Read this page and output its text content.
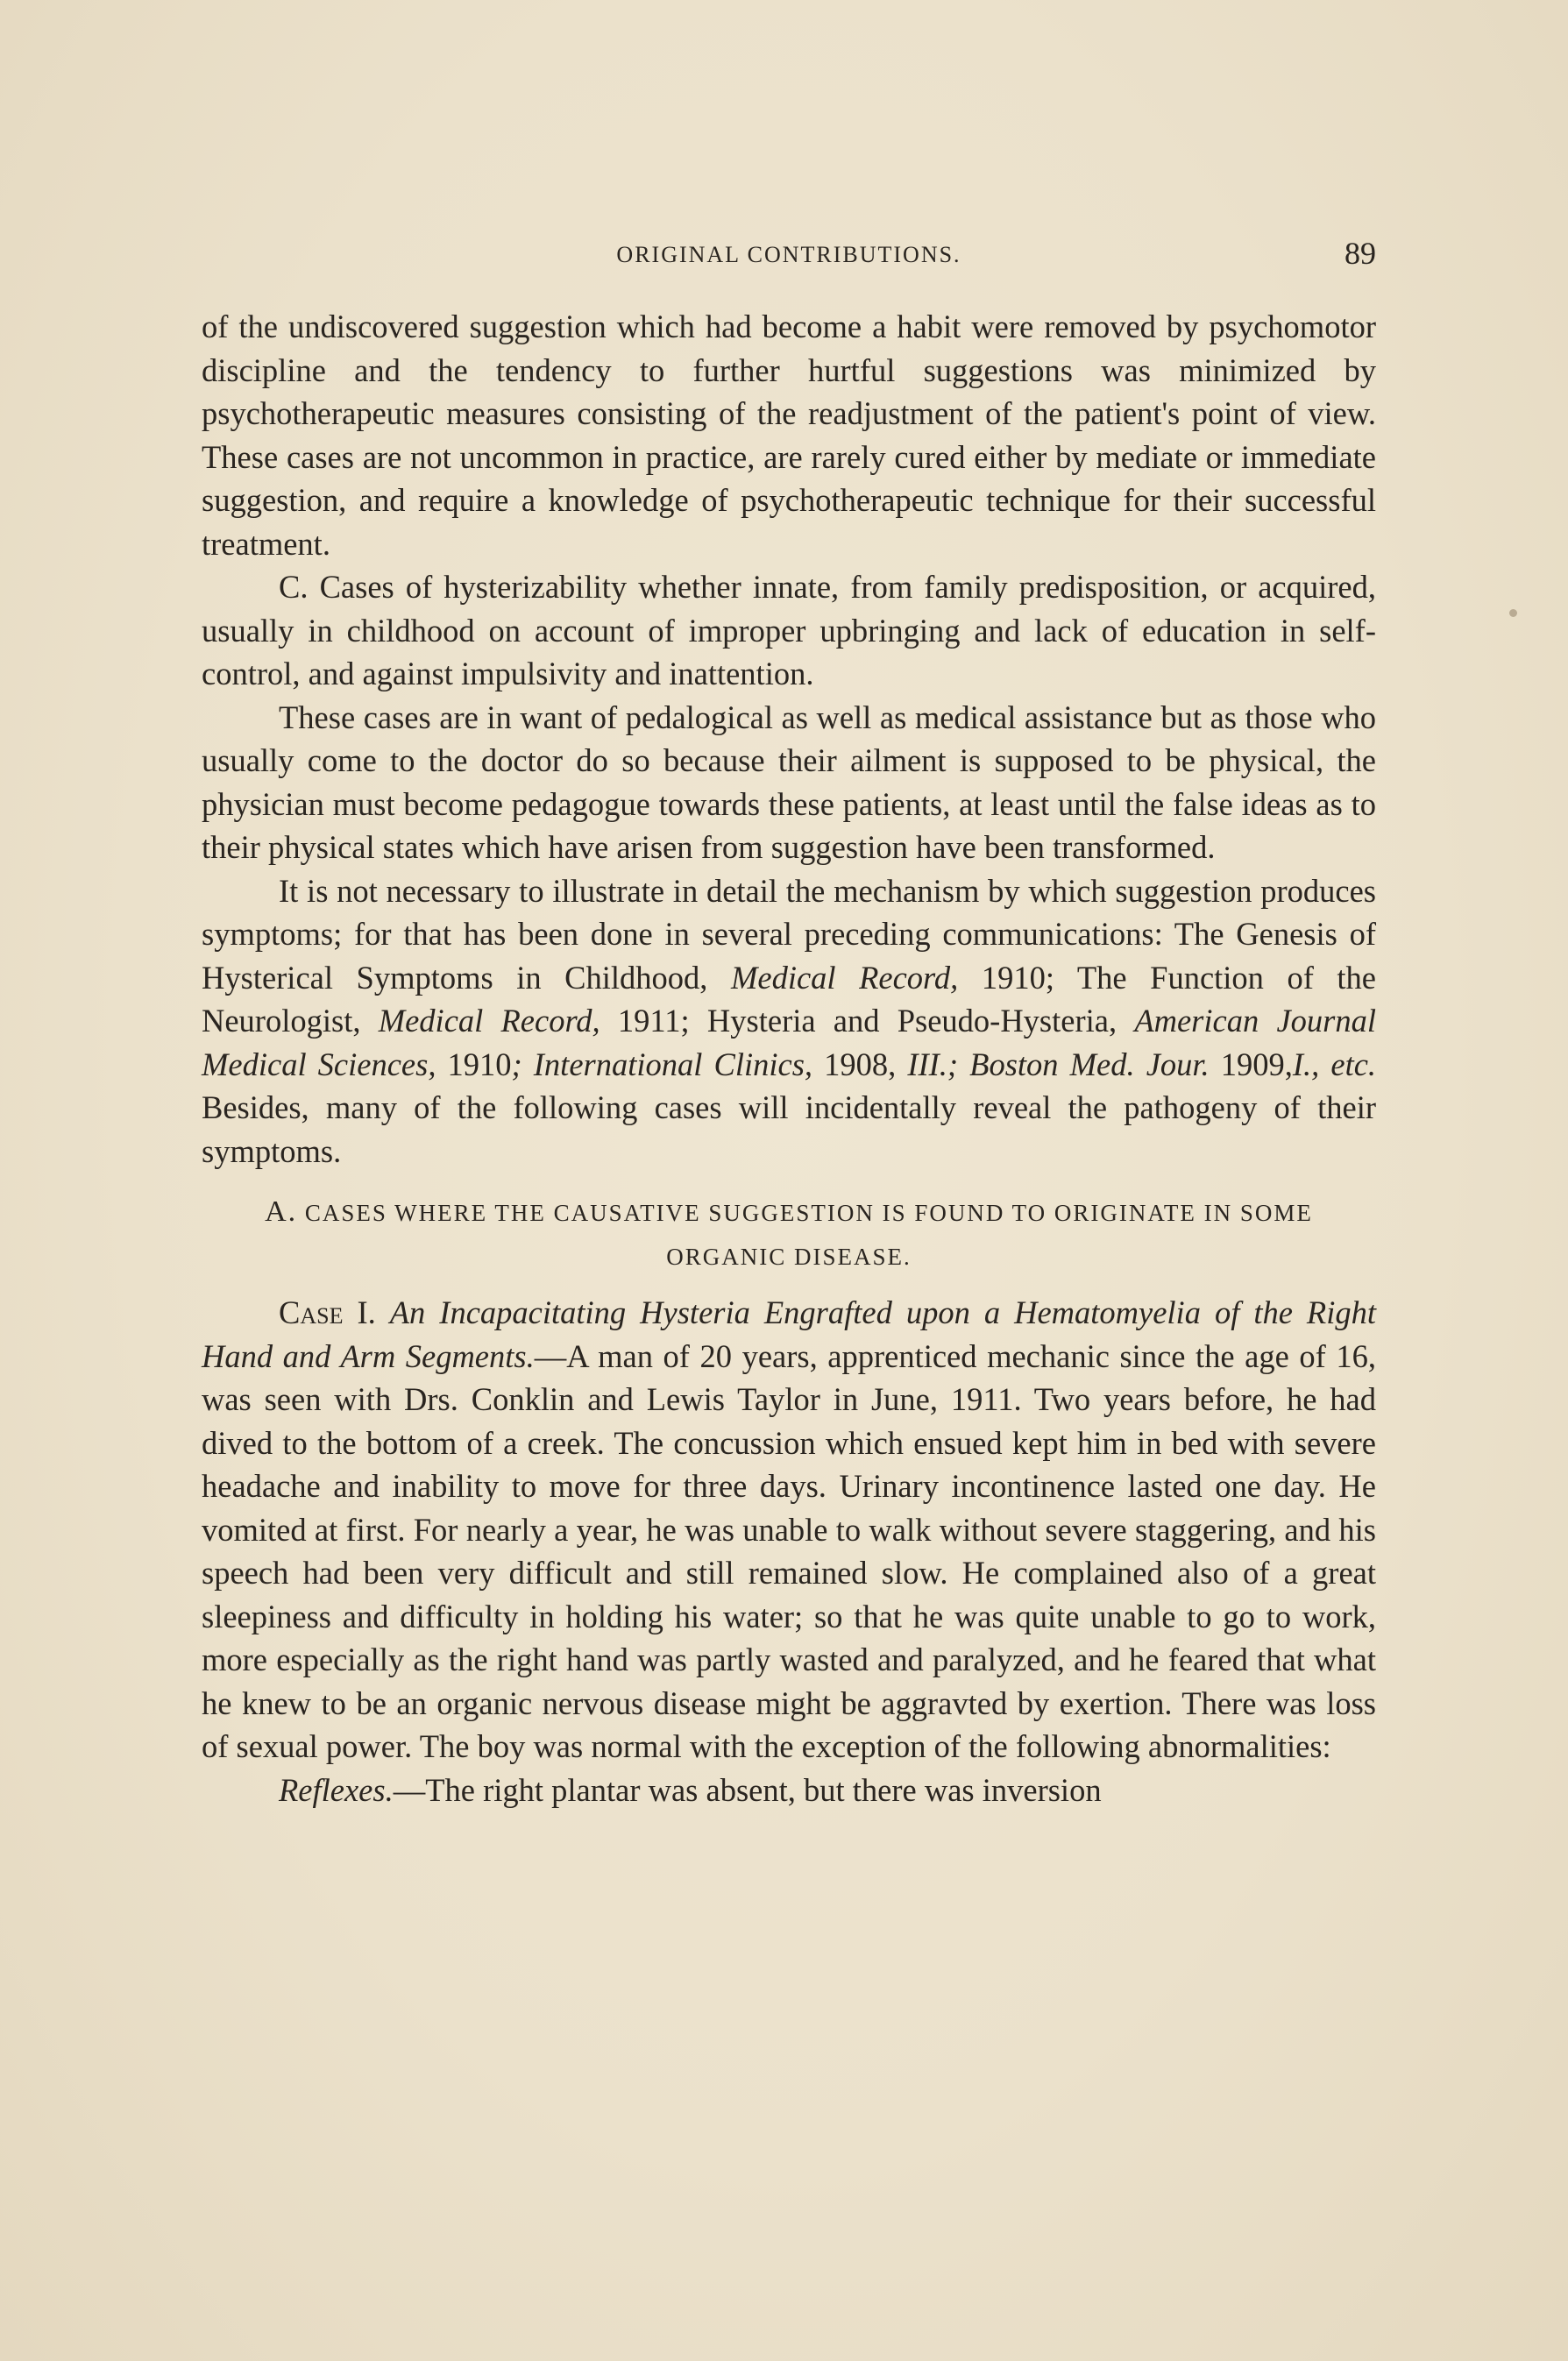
ORIGINAL CONTRIBUTIONS.	89

of the undiscovered suggestion which had become a habit were removed by psychomotor discipline and the tendency to further hurtful suggestions was minimized by psychotherapeutic measures consisting of the readjustment of the patient's point of view. These cases are not uncommon in practice, are rarely cured either by mediate or immediate suggestion, and require a knowledge of psychotherapeutic technique for their successful treatment.

C. Cases of hysterizability whether innate, from family predisposition, or acquired, usually in childhood on account of improper upbringing and lack of education in self-control, and against impulsivity and inattention.

These cases are in want of pedalogical as well as medical assistance but as those who usually come to the doctor do so because their ailment is supposed to be physical, the physician must become pedagogue towards these patients, at least until the false ideas as to their physical states which have arisen from suggestion have been transformed.

It is not necessary to illustrate in detail the mechanism by which suggestion produces symptoms; for that has been done in several preceding communications: The Genesis of Hysterical Symptoms in Childhood, Medical Record, 1910; The Function of the Neurologist, Medical Record, 1911; Hysteria and Pseudo-Hysteria, American Journal Medical Sciences, 1910; International Clinics, 1908, III.; Boston Med. Jour. 1909,I., etc. Besides, many of the following cases will incidentally reveal the pathogeny of their symptoms.

A. CASES WHERE THE CAUSATIVE SUGGESTION IS FOUND TO ORIGINATE IN SOME ORGANIC DISEASE.

Case I. An Incapacitating Hysteria Engrafted upon a Hematomyelia of the Right Hand and Arm Segments.—A man of 20 years, apprenticed mechanic since the age of 16, was seen with Drs. Conklin and Lewis Taylor in June, 1911. Two years before, he had dived to the bottom of a creek. The concussion which ensued kept him in bed with severe headache and inability to move for three days. Urinary incontinence lasted one day. He vomited at first. For nearly a year, he was unable to walk without severe staggering, and his speech had been very difficult and still remained slow. He complained also of a great sleepiness and difficulty in holding his water; so that he was quite unable to go to work, more especially as the right hand was partly wasted and paralyzed, and he feared that what he knew to be an organic nervous disease might be aggravted by exertion. There was loss of sexual power. The boy was normal with the exception of the following abnormalities:

Reflexes.—The right plantar was absent, but there was inversion
